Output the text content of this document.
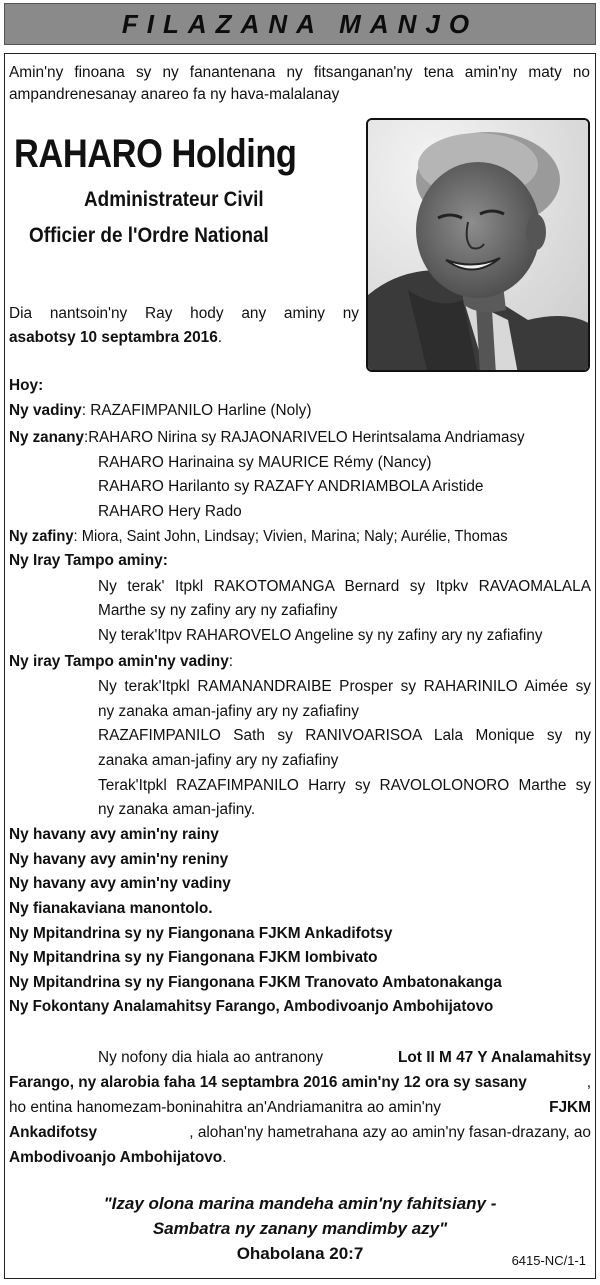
FILAZANA MANJO
Amin'ny finoana sy ny fanantenana ny fitsanganan'ny tena amin'ny maty no
ampandrenesanay anareo fa ny hava-malalanay
RAHARO Holding
Administrateur Civil
Officier de l'Ordre National
Dia nantsoin'ny Ray hody any aminy ny
asabotsy 10 septambra 2016.
Hoy:
Ny vadiny: RAZAFIMPANILO Harline (Noly)
Ny zanany:RAHARO Nirina sy RAJAONARIVELO Herintsalama Andriamasy
RAHARO Harinaina sy MAURICE Rémy (Nancy)
RAHARO Harilanto sy RAZAFY ANDRIAMBOLA Aristide
RAHARO Hery Rado
Ny zafiny: Miora, Saint John, Lindsay; Vivien, Marina; Naly; Aurélie, Thomas
Ny Iray Tampo aminy:
Ny terak' Itpkl RAKOTOMANGA Bernard sy Itpkv RAVAOMALALA
Marthe sy ny zafiny ary ny zafiafiny
Ny terak'Itpv RAHAROVELO Angeline sy ny zafiny ary ny zafiafiny
Ny iray Tampo amin'ny vadiny:
Ny terak'Itpkl RAMANANDRAIBE Prosper sy RAHARINILO Aimée sy
ny zanaka aman-jafiny ary ny zafiafiny
RAZAFIMPANILO Sath sy RANIVOARISOA Lala Monique sy ny
zanaka aman-jafiny ary ny zafiafiny
Terak'Itpkl RAZAFIMPANILO Harry sy RAVOLOLONORO Marthe sy
ny zanaka aman-jafiny.
Ny havany avy amin'ny rainy
Ny havany avy amin'ny reniny
Ny havany avy amin'ny vadiny
Ny fianakaviana manontolo.
Ny Mpitandrina sy ny Fiangonana FJKM Ankadifotsy
Ny Mpitandrina sy ny Fiangonana FJKM Iombivato
Ny Mpitandrina sy ny Fiangonana FJKM Tranovato Ambatonakanga
Ny Fokontany Analamahitsy Farango, Ambodivoanjo Ambohijatovo
Ny nofony dia hiala ao antranony	Lot II M 47 Y Analamahitsy
Farango, ny alarobia faha 14 septambra 2016 amin'ny 12 ora sy sasany	,
ho entina hanomezam-boninahitra an'Andriamanitra ao amin'ny	FJKM
Ankadifotsy	, alohan'ny hametrahana azy ao amin'ny fasan-drazany, ao
Ambodivoanjo Ambohijatovo.
"Izay olona marina mandeha amin'ny fahitsiany -
Sambatra ny zanany mandimby azy"
Ohabolana 20:7	6415-NC/1-1
